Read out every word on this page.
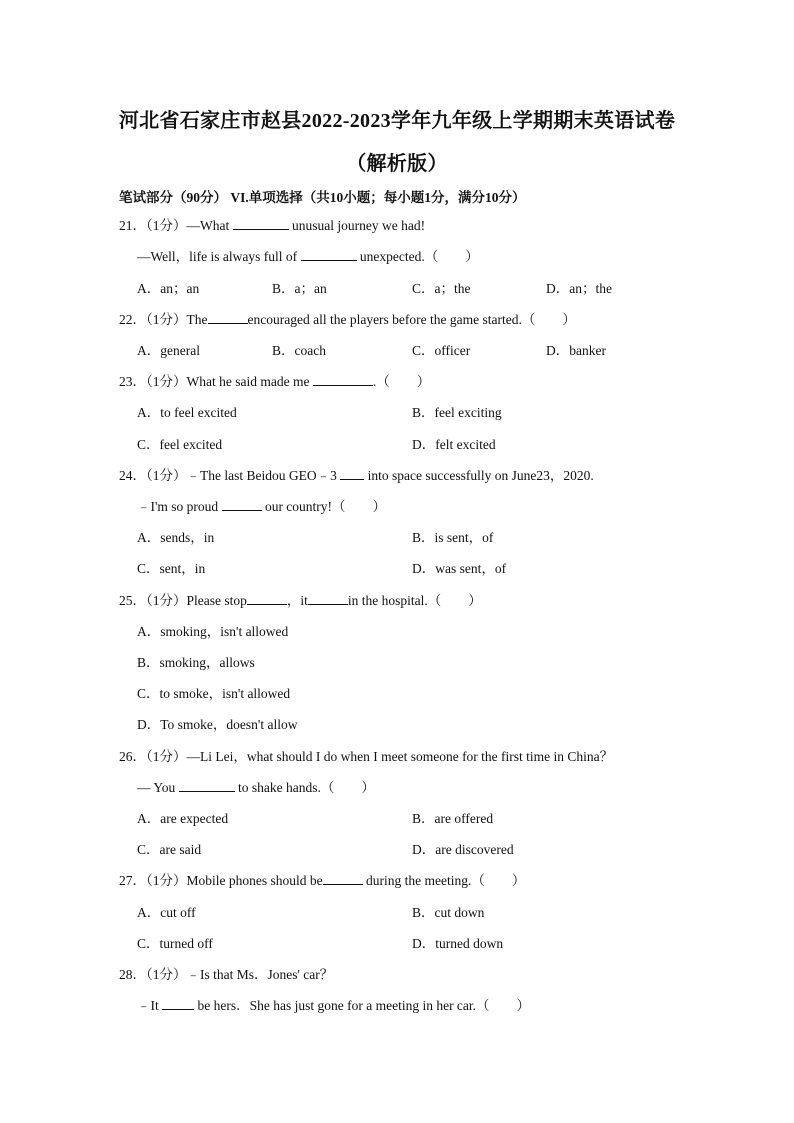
河北省石家庄市赵县2022-2023学年九年级上学期期末英语试卷
（解析版）
笔试部分（90分） VI.单项选择（共10小题；每小题1分，满分10分）
21．（1分）—What	unusual journey we had!
—Well，life is always full of	unexpected.（　　）
A．an；an	B．a；an	C．a；the	D．an；the
22．（1分）The	encouraged all the players before the game started.（　　）
A．general	B．coach	C．officer	D．banker
23．（1分）What he said made me	.（　　）
A．to feel excited	B．feel exciting
C．feel excited	D．felt excited
24．（1分）﹣The last Beidou GEO﹣3  into space successfully on June23，2020.
﹣I'm so proud	our country!（　　）
A．sends，in	B．is sent，of
C．sent，in	D．was sent，of
25．（1分）Please stop	，it	in the hospital.（　　）
A．smoking，isn't allowed
B．smoking，allows
C．to smoke，isn't allowed
D．To smoke，doesn't allow
26．（1分）—Li Lei，what should I do when I meet someone for the first time in China？
— You	to shake hands.（　　）
A．are expected	B．are offered
C．are said	D．are discovered
27．（1分）Mobile phones should be	during the meeting.（　　）
A．cut off	B．cut down
C．turned off	D．turned down
28．（1分）﹣Is that Ms．Jones' car？
﹣It  be hers．She has just gone for a meeting in her car.（　　）
